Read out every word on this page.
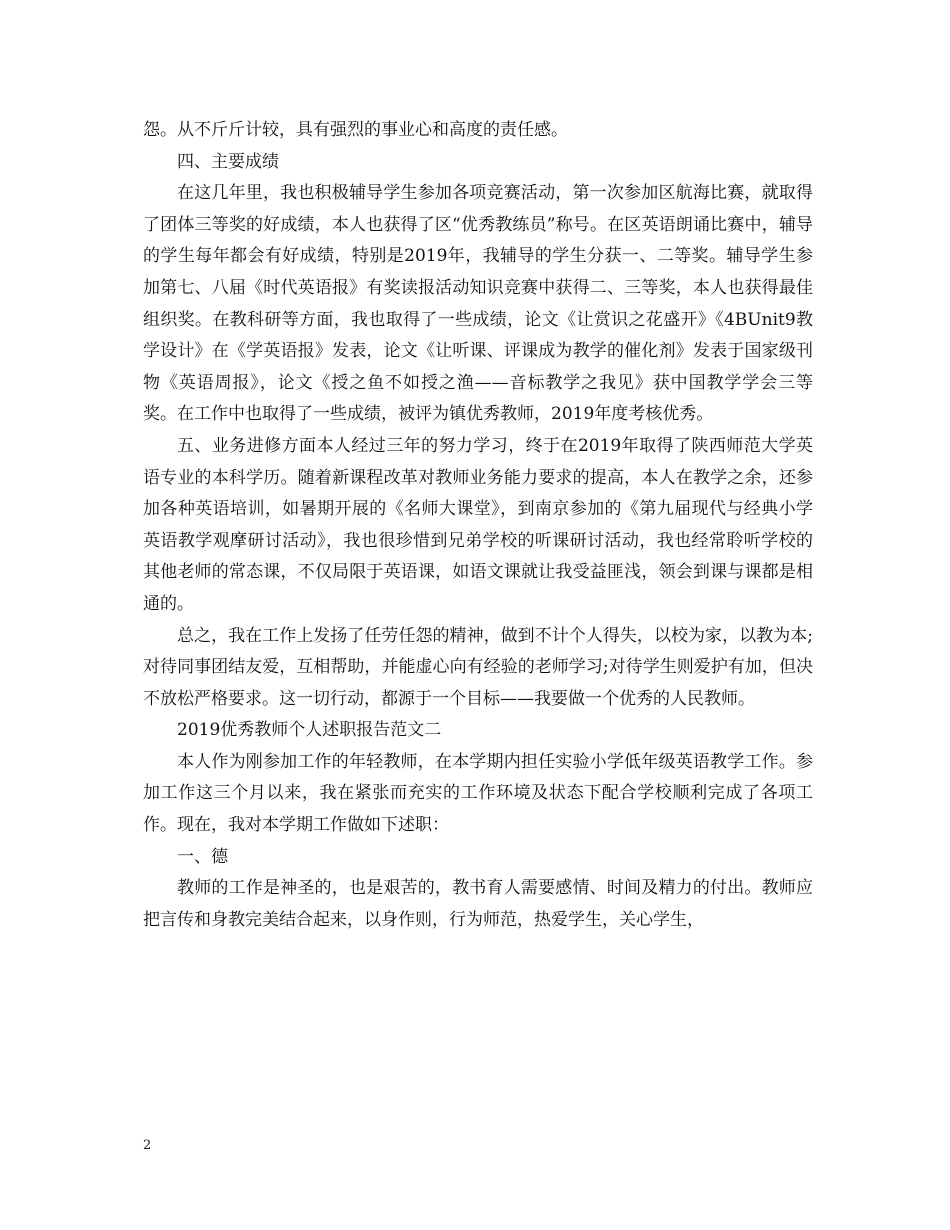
怨。从不斤斤计较，具有强烈的事业心和高度的责任感。

四、主要成绩

在这几年里，我也积极辅导学生参加各项竞赛活动，第一次参加区航海比赛，就取得了团体三等奖的好成绩，本人也获得了区“优秀教练员”称号。在区英语朗诵比赛中，辅导的学生每年都会有好成绩，特别是2019年，我辅导的学生分获一、二等奖。辅导学生参加第七、八届《时代英语报》有奖读报活动知识竞赛中获得二、三等奖，本人也获得最佳组织奖。在教科研等方面，我也取得了一些成绩，论文《让赏识之花盛开》《4BUnit9教学设计》在《学英语报》发表，论文《让听课、评课成为教学的催化剂》发表于国家级刊物《英语周报》，论文《授之鱼不如授之渔——音标教学之我见》获中国教学学会三等奖。在工作中也取得了一些成绩，被评为镇优秀教师，2019年度考核优秀。

五、业务进修方面本人经过三年的努力学习，终于在2019年取得了陕西师范大学英语专业的本科学历。随着新课程改革对教师业务能力要求的提高，本人在教学之余，还参加各种英语培训，如暑期开展的《名师大课堂》，到南京参加的《第九届现代与经典小学英语教学观摩研讨活动》，我也很珍惜到兄弟学校的听课研讨活动，我也经常聆听学校的其他老师的常态课，不仅局限于英语课，如语文课就让我受益匪浅，领会到课与课都是相通的。

总之，我在工作上发扬了任劳任怨的精神，做到不计个人得失，以校为家，以教为本;对待同事团结友爱，互相帮助，并能虚心向有经验的老师学习;对待学生则爱护有加，但决不放松严格要求。这一切行动，都源于一个目标——我要做一个优秀的人民教师。

2019优秀教师个人述职报告范文二

本人作为刚参加工作的年轻教师，在本学期内担任实验小学低年级英语教学工作。参加工作这三个月以来，我在紧张而充实的工作环境及状态下配合学校顺利完成了各项工作。现在，我对本学期工作做如下述职：

一、德

教师的工作是神圣的，也是艰苦的，教书育人需要感情、时间及精力的付出。教师应把言传和身教完美结合起来，以身作则，行为师范，热爱学生，关心学生，

2
